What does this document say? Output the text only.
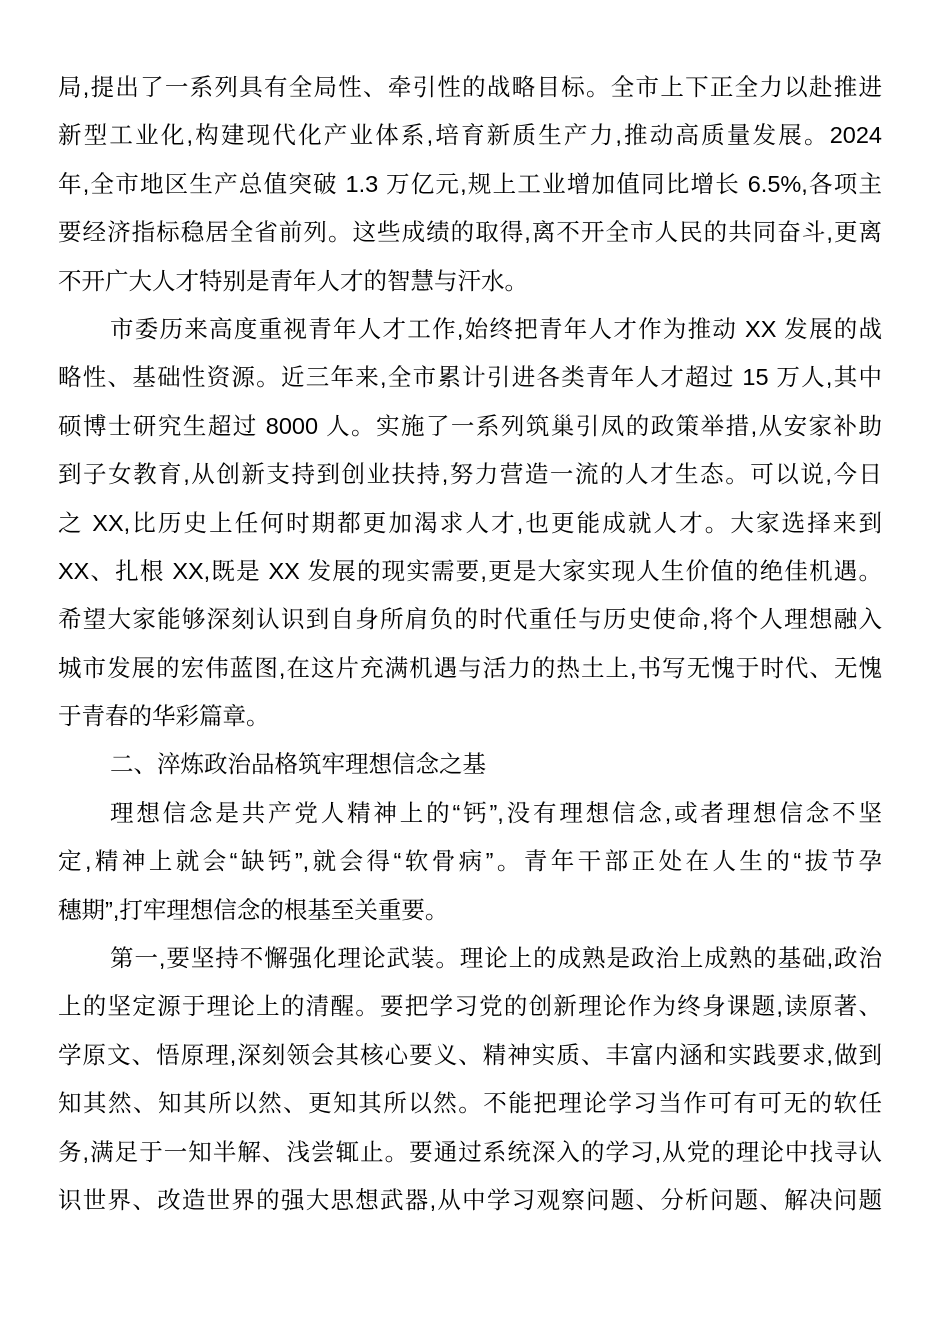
局,提出了一系列具有全局性、牵引性的战略目标。全市上下正全力以赴推进
新型工业化,构建现代化产业体系,培育新质生产力,推动高质量发展。2024
年,全市地区生产总值突破 1.3 万亿元,规上工业增加值同比增长 6.5%,各项主
要经济指标稳居全省前列。这些成绩的取得,离不开全市人民的共同奋斗,更离
不开广大人才特别是青年人才的智慧与汗水。
市委历来高度重视青年人才工作,始终把青年人才作为推动 XX 发展的战
略性、基础性资源。近三年来,全市累计引进各类青年人才超过 15 万人,其中
硕博士研究生超过 8000 人。实施了一系列筑巢引凤的政策举措,从安家补助
到子女教育,从创新支持到创业扶持,努力营造一流的人才生态。可以说,今日
之 XX,比历史上任何时期都更加渴求人才,也更能成就人才。大家选择来到
XX、扎根 XX,既是 XX 发展的现实需要,更是大家实现人生价值的绝佳机遇。
希望大家能够深刻认识到自身所肩负的时代重任与历史使命,将个人理想融入
城市发展的宏伟蓝图,在这片充满机遇与活力的热土上,书写无愧于时代、无愧
于青春的华彩篇章。
二、淬炼政治品格筑牢理想信念之基
理想信念是共产党人精神上的“钙”,没有理想信念,或者理想信念不坚
定,精神上就会“缺钙”,就会得“软骨病”。青年干部正处在人生的“拔节孕
穗期”,打牢理想信念的根基至关重要。
第一,要坚持不懈强化理论武装。理论上的成熟是政治上成熟的基础,政治
上的坚定源于理论上的清醒。要把学习党的创新理论作为终身课题,读原著、
学原文、悟原理,深刻领会其核心要义、精神实质、丰富内涵和实践要求,做到
知其然、知其所以然、更知其所以然。不能把理论学习当作可有可无的软任
务,满足于一知半解、浅尝辄止。要通过系统深入的学习,从党的理论中找寻认
识世界、改造世界的强大思想武器,从中学习观察问题、分析问题、解决问题
